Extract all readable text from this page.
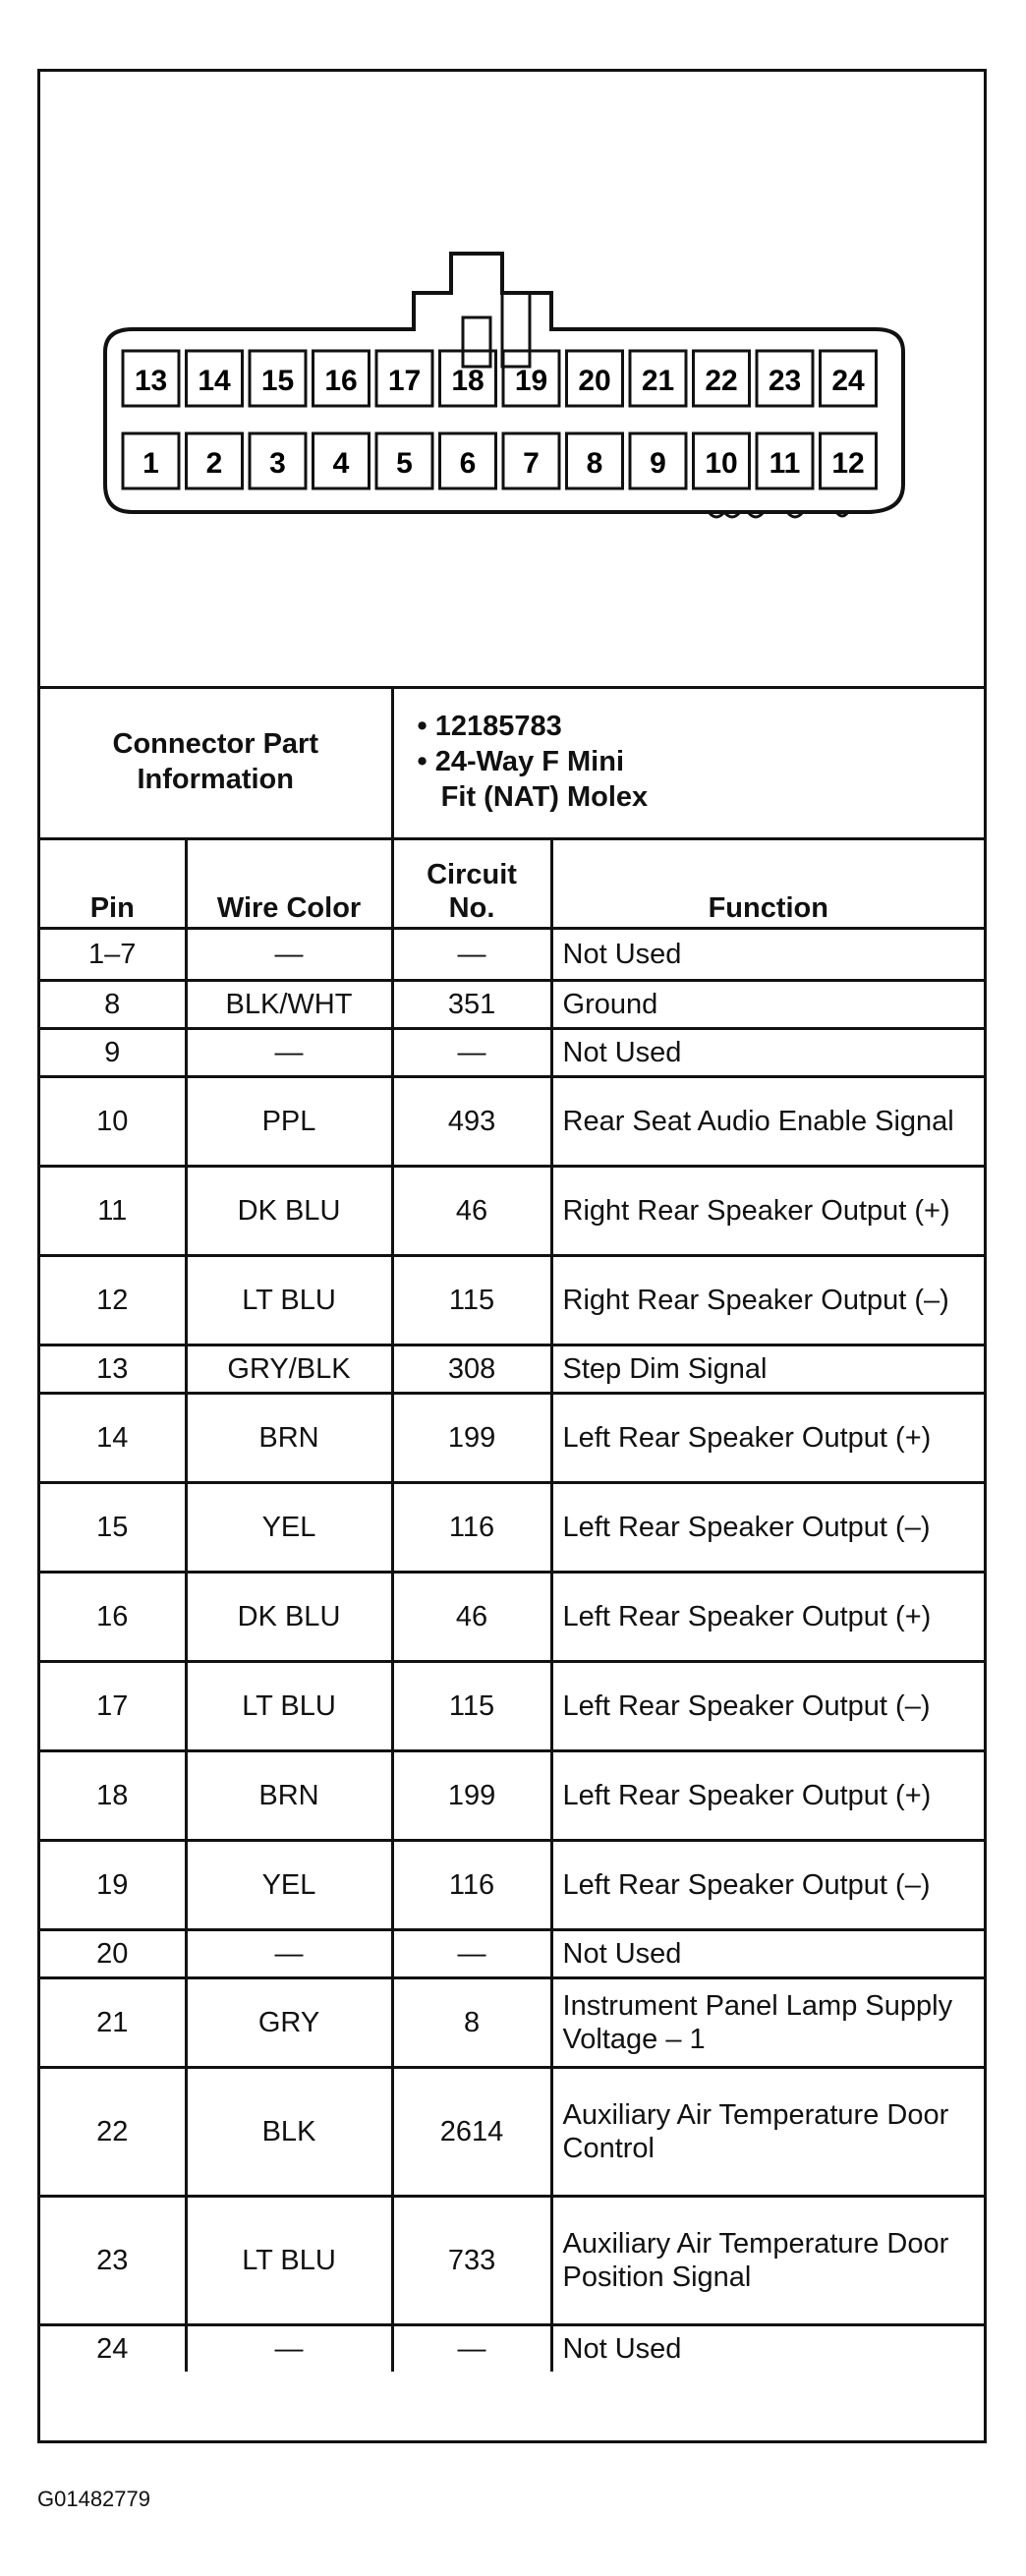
13 14 15 16 17 18 19 20 21 22 23 24
1 2 3 4 5 6 7 8 9 10 11 12
Connector Part Information		• 12185783
• 24-Way F Mini
Fit (NAT) Molex	

Pin	Wire Color	Circuit No.	Function
1–7	—	—	Not Used
8	BLK/WHT	351	Ground
9	—	—	Not Used
10	PPL	493	Rear Seat Audio Enable Signal
11	DK BLU	46	Right Rear Speaker Output (+)
12	LT BLU	115	Right Rear Speaker Output (–)
13	GRY/BLK	308	Step Dim Signal
14	BRN	199	Left Rear Speaker Output (+)
15	YEL	116	Left Rear Speaker Output (–)
16	DK BLU	46	Left Rear Speaker Output (+)
17	LT BLU	115	Left Rear Speaker Output (–)
18	BRN	199	Left Rear Speaker Output (+)
19	YEL	116	Left Rear Speaker Output (–)
20	—	—	Not Used
21	GRY	8	Instrument Panel Lamp Supply Voltage – 1
22	BLK	2614	Auxiliary Air Temperature Door Control
23	LT BLU	733	Auxiliary Air Temperature Door Position Signal
24	—	—	Not Used
G01482779
